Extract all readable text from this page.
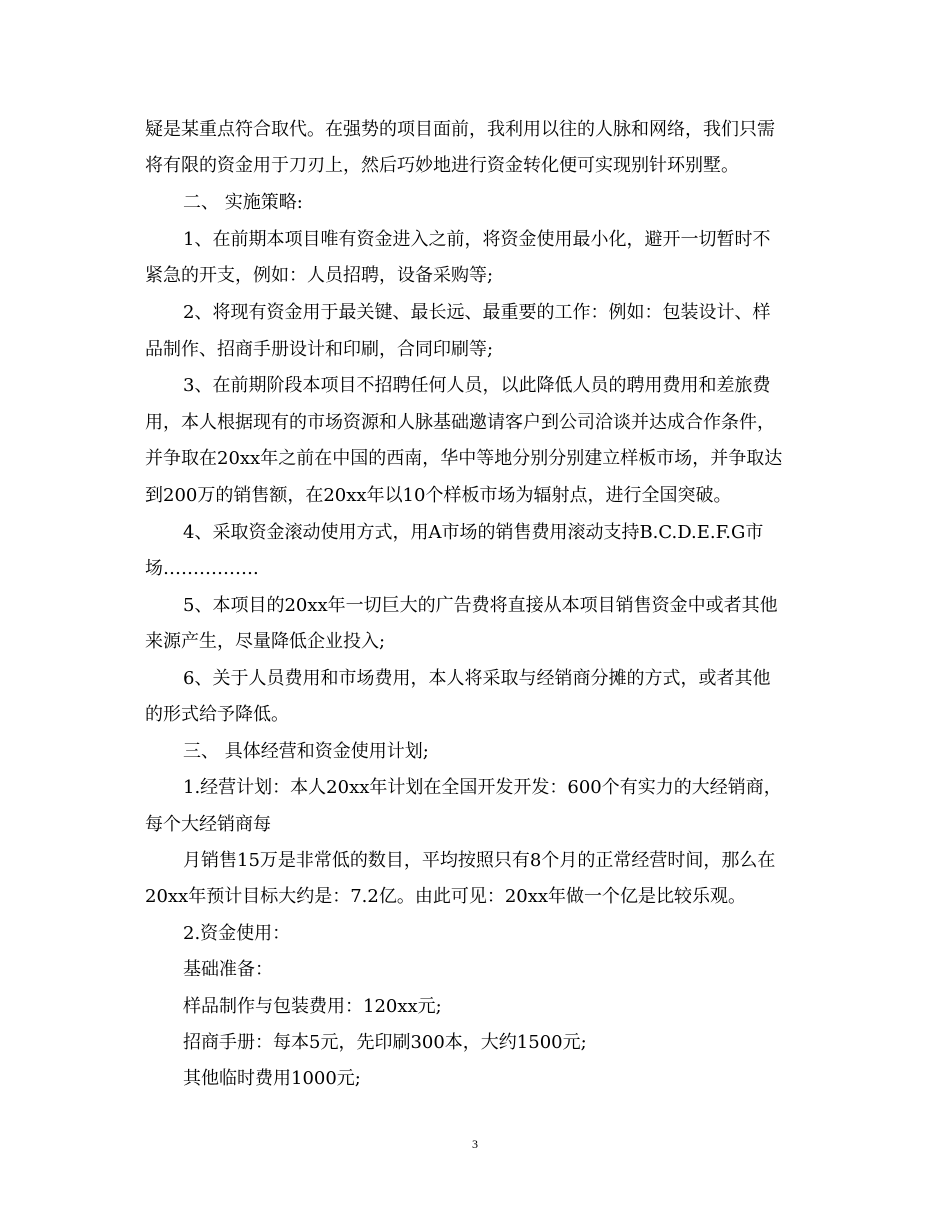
疑是某重点符合取代。在强势的项目面前，我利用以往的人脉和网络，我们只需
将有限的资金用于刀刃上，然后巧妙地进行资金转化便可实现别针环别墅。
二、 实施策略:
1、在前期本项目唯有资金进入之前，将资金使用最小化，避开一切暂时不
紧急的开支，例如：人员招聘，设备采购等;
2、将现有资金用于最关键、最长远、最重要的工作：例如：包装设计、样
品制作、招商手册设计和印刷，合同印刷等;
3、在前期阶段本项目不招聘任何人员，以此降低人员的聘用费用和差旅费
用，本人根据现有的市场资源和人脉基础邀请客户到公司洽谈并达成合作条件，
并争取在20xx年之前在中国的西南，华中等地分别分别建立样板市场，并争取达
到200万的销售额，在20xx年以10个样板市场为辐射点，进行全国突破。
4、采取资金滚动使用方式，用A市场的销售费用滚动支持B.C.D.E.F.G市
场…………….
5、本项目的20xx年一切巨大的广告费将直接从本项目销售资金中或者其他
来源产生，尽量降低企业投入;
6、关于人员费用和市场费用，本人将采取与经销商分摊的方式，或者其他
的形式给予降低。
三、 具体经营和资金使用计划;
1.经营计划：本人20xx年计划在全国开发开发：600个有实力的大经销商，
每个大经销商每
月销售15万是非常低的数目，平均按照只有8个月的正常经营时间，那么在
20xx年预计目标大约是：7.2亿。由此可见：20xx年做一个亿是比较乐观。
2.资金使用：
基础准备：
样品制作与包装费用：120xx元;
招商手册：每本5元，先印刷300本，大约1500元;
其他临时费用1000元;
3
